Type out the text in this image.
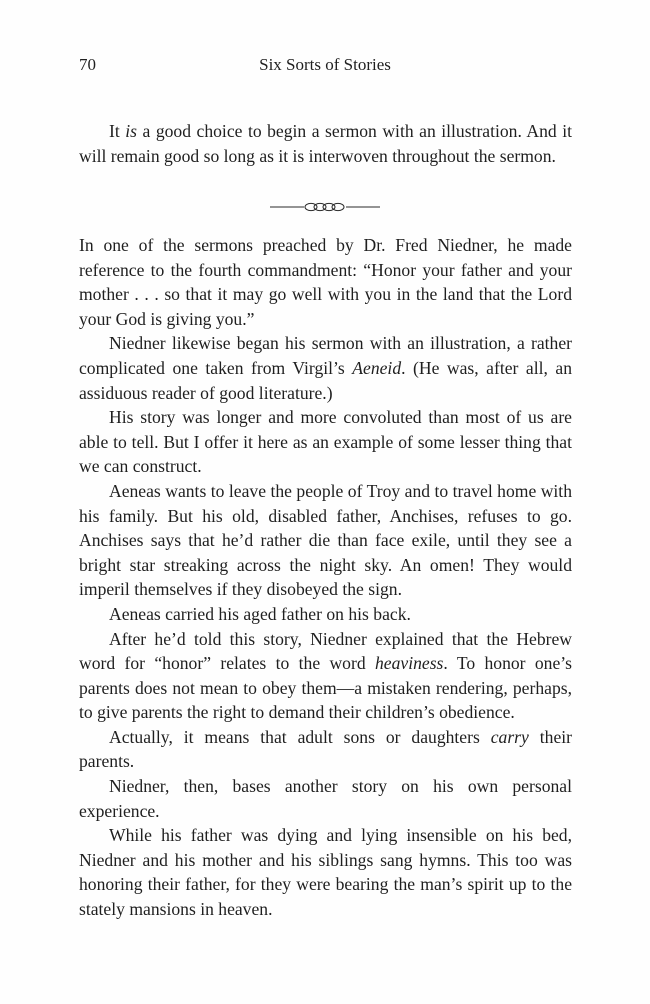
70	Six Sorts of Stories

It is a good choice to begin a sermon with an illustration. And it will remain good so long as it is interwoven throughout the sermon.

In one of the sermons preached by Dr. Fred Niedner, he made reference to the fourth commandment: “Honor your father and your mother . . . so that it may go well with you in the land that the Lord your God is giving you.”

Niedner likewise began his sermon with an illustration, a rather complicated one taken from Virgil’s Aeneid. (He was, after all, an assiduous reader of good literature.)

His story was longer and more convoluted than most of us are able to tell. But I offer it here as an example of some lesser thing that we can construct.

Aeneas wants to leave the people of Troy and to travel home with his family. But his old, disabled father, Anchises, refuses to go. Anchises says that he’d rather die than face exile, until they see a bright star streaking across the night sky. An omen! They would imperil themselves if they disobeyed the sign.

Aeneas carried his aged father on his back.

After he’d told this story, Niedner explained that the Hebrew word for “honor” relates to the word heaviness. To honor one’s parents does not mean to obey them—a mistaken rendering, perhaps, to give parents the right to demand their children’s obedience.

Actually, it means that adult sons or daughters carry their parents.

Niedner, then, bases another story on his own personal experience.

While his father was dying and lying insensible on his bed, Niedner and his mother and his siblings sang hymns. This too was honoring their father, for they were bearing the man’s spirit up to the stately mansions in heaven.
